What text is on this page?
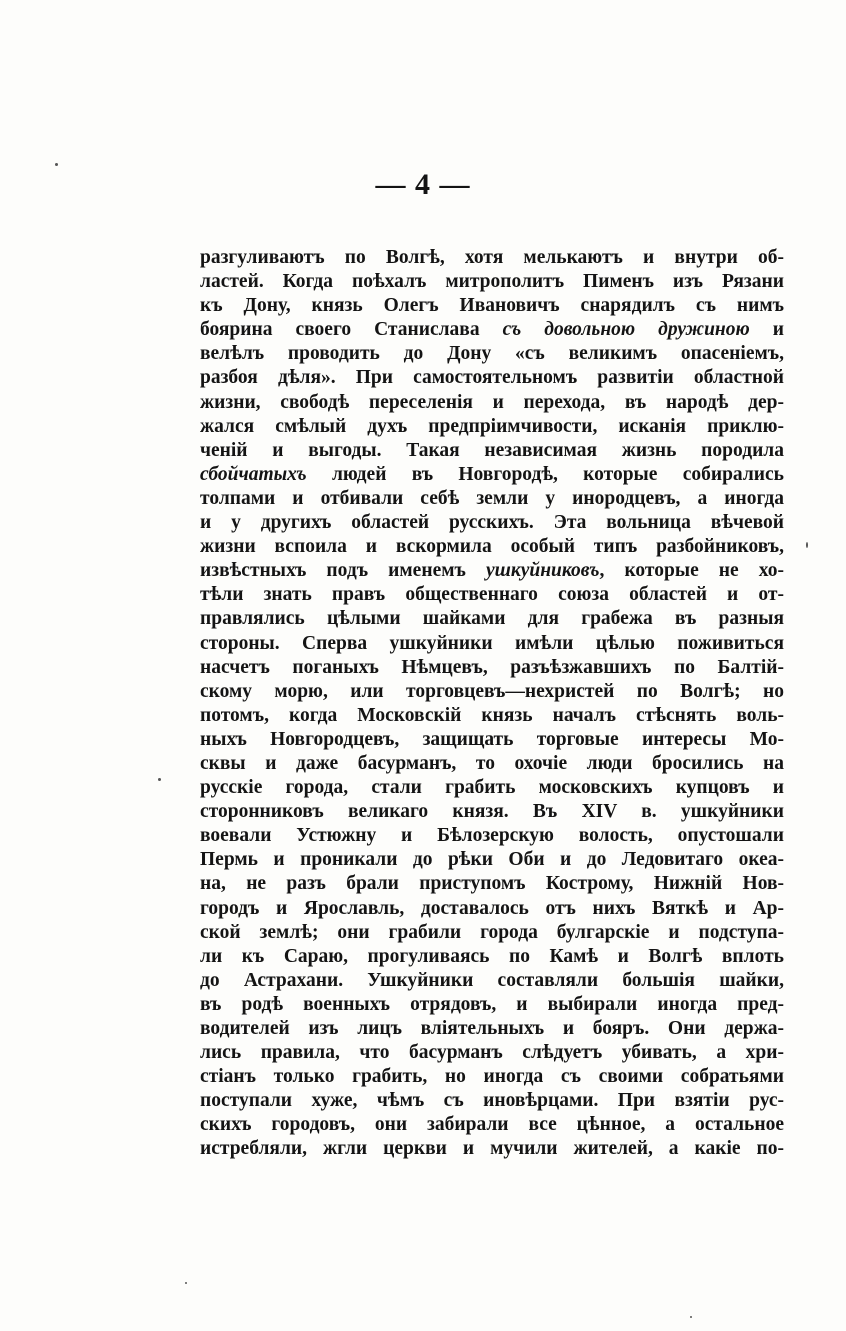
— 4 —
разгуливаютъ по Волгѣ, хотя мелькаютъ и внутри об-
ластей. Когда поѣхалъ митрополитъ Пименъ изъ Рязани
къ Дону, князь Олегъ Ивановичъ снарядилъ съ нимъ
боярина своего Станислава съ довольною дружиною и
велѣлъ проводить до Дону «съ великимъ опасеніемъ,
разбоя дѣля». При самостоятельномъ развитіи областной
жизни, свободѣ переселенія и перехода, въ народѣ дер-
жался смѣлый духъ предпріимчивости, исканія приклю-
ченій и выгоды. Такая независимая жизнь породила
сбойчатыхъ людей въ Новгородѣ, которые собирались
толпами и отбивали себѣ земли у инородцевъ, а иногда
и у другихъ областей русскихъ. Эта вольница вѣчевой
жизни вспоила и вскормила особый типъ разбойниковъ,
извѣстныхъ подъ именемъ ушкуйниковъ, которые не хо-
тѣли знать правъ общественнаго союза областей и от-
правлялись цѣлыми шайками для грабежа въ разныя
стороны. Сперва ушкуйники имѣли цѣлью поживиться
насчетъ поганыхъ Нѣмцевъ, разъѣзжавшихъ по Балтій-
скому морю, или торговцевъ—нехристей по Волгѣ; но
потомъ, когда Московскій князь началъ стѣснять воль-
ныхъ Новгородцевъ, защищать торговые интересы Мо-
сквы и даже басурманъ, то охочіе люди бросились на
русскіе города, стали грабить московскихъ купцовъ и
сторонниковъ великаго князя. Въ XIV в. ушкуйники
воевали Устюжну и Бѣлозерскую волость, опустошали
Пермь и проникали до рѣки Оби и до Ледовитаго океа-
на, не разъ брали приступомъ Кострому, Нижній Нов-
городъ и Ярославль, доставалось отъ нихъ Вяткѣ и Ар-
ской землѣ; они грабили города булгарскіе и подступа-
ли къ Сараю, прогуливаясь по Камѣ и Волгѣ вплоть
до Астрахани. Ушкуйники составляли большія шайки,
въ родѣ военныхъ отрядовъ, и выбирали иногда пред-
водителей изъ лицъ вліятельныхъ и бояръ. Они держа-
лись правила, что басурманъ слѣдуетъ убивать, а хри-
стіанъ только грабить, но иногда съ своими собратьями
поступали хуже, чѣмъ съ иновѣрцами. При взятіи рус-
скихъ городовъ, они забирали все цѣнное, а остальное
истребляли, жгли церкви и мучили жителей, а какіе по-
